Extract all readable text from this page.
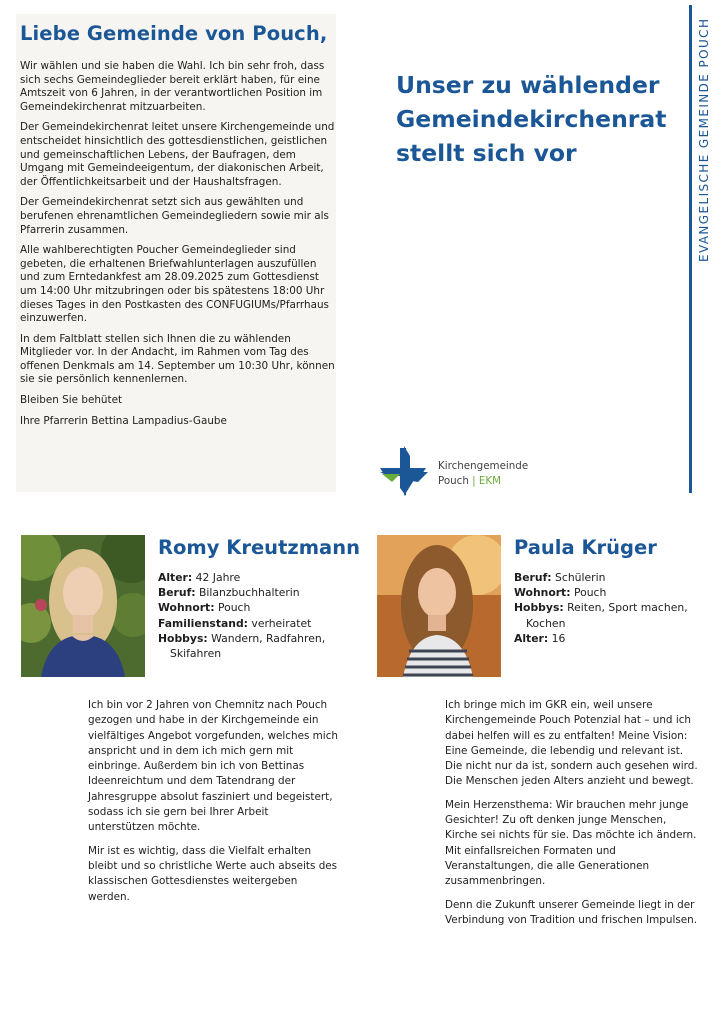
Liebe Gemeinde von Pouch,

Wir wählen und sie haben die Wahl. Ich bin sehr froh, dass sich sechs Gemeindeglieder bereit erklärt haben, für eine Amtszeit von 6 Jahren, in der verantwortlichen Position im Gemeindekirchenrat mitzuarbeiten.

Der Gemeindekirchenrat leitet unsere Kirchengemeinde und entscheidet hinsichtlich des gottesdienstlichen, geistlichen und gemeinschaftlichen Lebens, der Baufragen, dem Umgang mit Gemeindeeigentum, der diakonischen Arbeit, der Öffentlichkeitsarbeit und der Haushaltsfragen.

Der Gemeindekirchenrat setzt sich aus gewählten und berufenen ehrenamtlichen Gemeindegliedern sowie mir als Pfarrerin zusammen.

Alle wahlberechtigten Poucher Gemeindeglieder sind gebeten, die erhaltenen Briefwahlunterlagen auszufüllen und zum Erntedankfest am 28.09.2025 zum Gottesdienst um 14:00 Uhr mitzubringen oder bis spätestens 18:00 Uhr dieses Tages in den Postkasten des CONFUGIUMs/Pfarrhaus einzuwerfen.

In dem Faltblatt stellen sich Ihnen die zu wählenden Mitglieder vor. In der Andacht, im Rahmen vom Tag des offenen Denkmals am 14. September um 10:30 Uhr, können sie sie persönlich kennenlernen.

Bleiben Sie behütet

Ihre Pfarrerin Bettina Lampadius-Gaube

Unser zu wählender
Gemeindekirchenrat
stellt sich vor	EVANGELISCHE GEMEINDE POUCH
Kirchengemeinde
Pouch | EKM
Romy Kreutzmann
Alter: 42 Jahre
Beruf: Bilanzbuchhalterin
Wohnort: Pouch
Familienstand: verheiratet
Hobbys: Wandern, Radfahren, Skifahren

Ich bin vor 2 Jahren von Chemnitz nach Pouch gezogen und habe in der Kirchgemeinde ein vielfältiges Angebot vorgefunden, welches mich anspricht und in dem ich mich gern mit einbringe. Außerdem bin ich von Bettinas Ideenreichtum und dem Tatendrang der Jahresgruppe absolut fasziniert und begeistert, sodass ich sie gern bei Ihrer Arbeit unterstützen möchte.

Mir ist es wichtig, dass die Vielfalt erhalten bleibt und so christliche Werte auch abseits des klassischen Gottesdienstes weitergeben werden.

Paula Krüger
Beruf: Schülerin
Wohnort: Pouch
Hobbys: Reiten, Sport machen, Kochen
Alter: 16

Ich bringe mich im GKR ein, weil unsere Kirchengemeinde Pouch Potenzial hat – und ich dabei helfen will es zu entfalten! Meine Vision: Eine Gemeinde, die lebendig und relevant ist. Die nicht nur da ist, sondern auch gesehen wird. Die Menschen jeden Alters anzieht und bewegt.

Mein Herzensthema: Wir brauchen mehr junge Gesichter! Zu oft denken junge Menschen, Kirche sei nichts für sie. Das möchte ich ändern. Mit einfallsreichen Formaten und Veranstaltungen, die alle Generationen zusammenbringen.

Denn die Zukunft unserer Gemeinde liegt in der Verbindung von Tradition und frischen Impulsen.
